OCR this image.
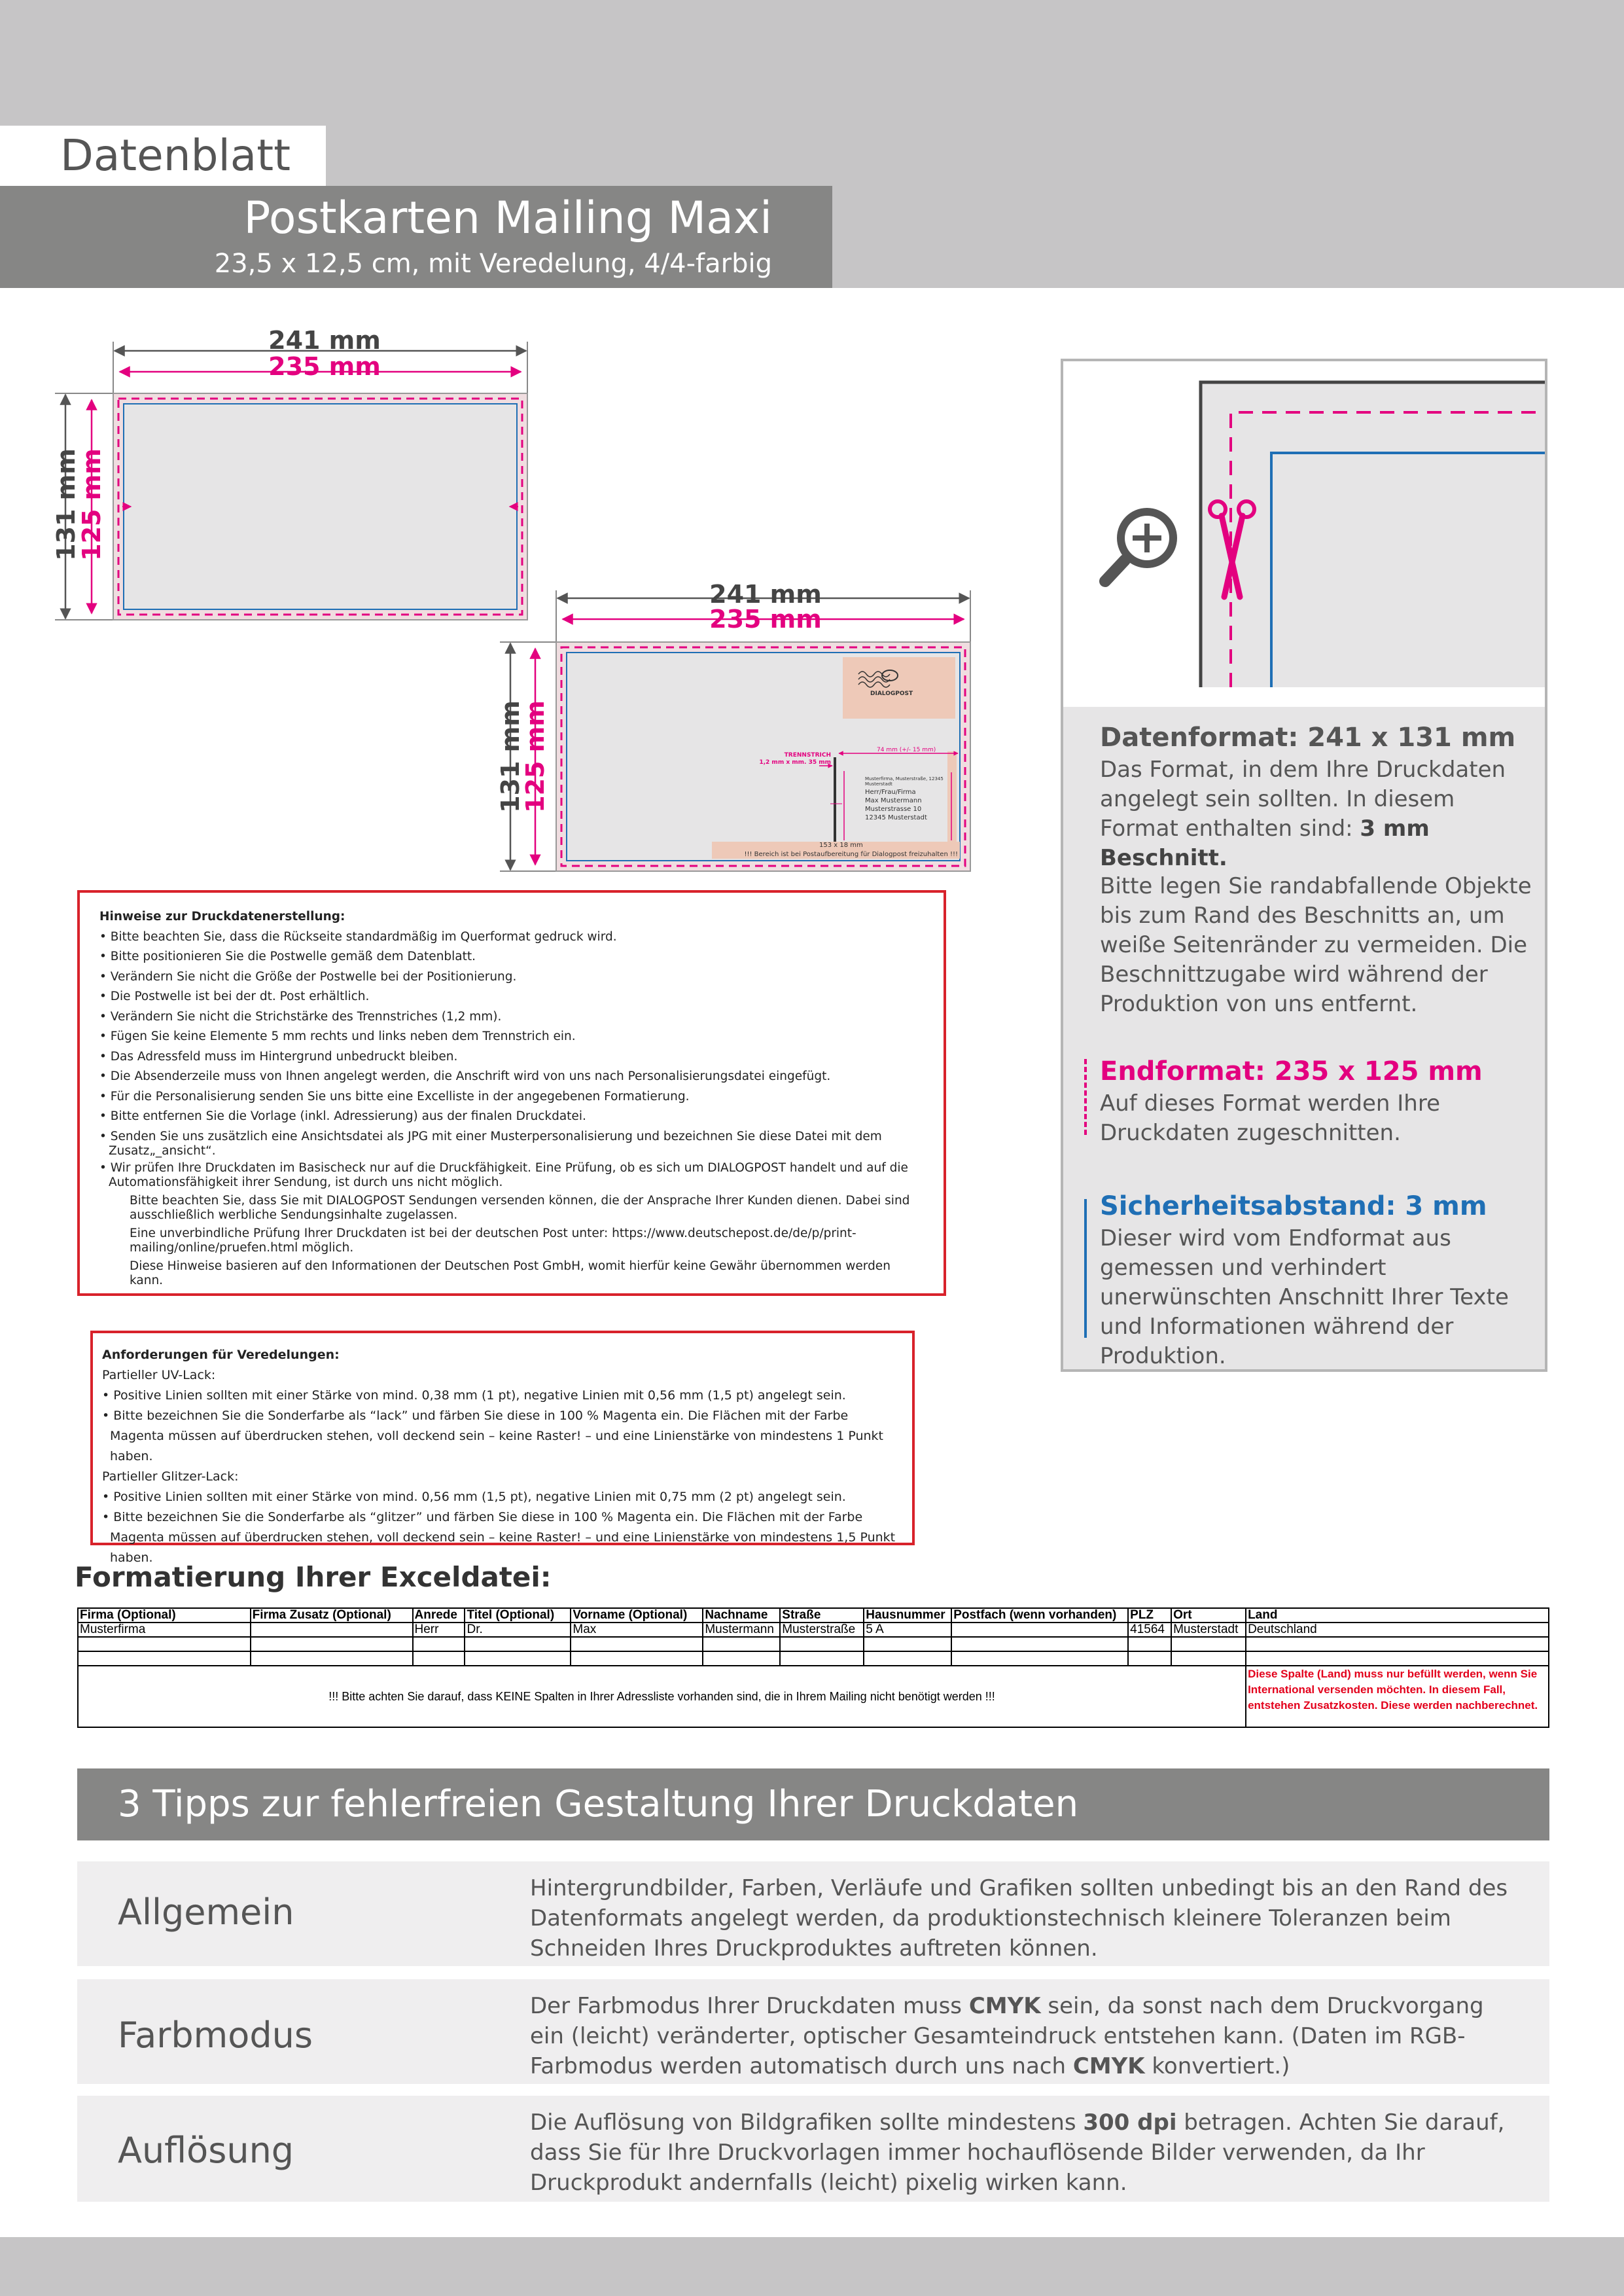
Datenblatt
Postkarten Mailing Maxi
23,5 x 12,5 cm, mit Veredelung, 4/4-farbig
241 mm
235 mm
131 mm
125 mm
241 mm
235 mm
131 mm
125 mm
DIALOGPOST
TRENNSTRICH
1,2 mm x mm. 35 mm
74 mm (+/- 15 mm)
Musterfirma, Musterstraße, 12345 Musterstadt
Herr/Frau/Firma
Max Mustermann
Musterstrasse 10
12345 Musterstadt
153 x 18 mm
!!! Bereich ist bei Postaufbereitung für Dialogpost freizuhalten !!!
Hinweise zur Druckdatenerstellung:
• Bitte beachten Sie, dass die Rückseite standardmäßig im Querformat gedruck wird.
• Bitte positionieren Sie die Postwelle gemäß dem Datenblatt.
• Verändern Sie nicht die Größe der Postwelle bei der Positionierung.
• Die Postwelle ist bei der dt. Post erhältlich.
• Verändern Sie nicht die Strichstärke des Trennstriches (1,2 mm).
• Fügen Sie keine Elemente 5 mm rechts und links neben dem Trennstrich ein.
• Das Adressfeld muss im Hintergrund unbedruckt bleiben.
• Die Absenderzeile muss von Ihnen angelegt werden, die Anschrift wird von uns nach Personalisierungsdatei eingefügt.
• Für die Personalisierung senden Sie uns bitte eine Excelliste in der angegebenen Formatierung.
• Bitte entfernen Sie die Vorlage (inkl. Adressierung) aus der finalen Druckdatei.
• Senden Sie uns zusätzlich eine Ansichtsdatei als JPG mit einer Musterpersonalisierung und bezeichnen Sie diese Datei mit dem Zusatz„_ansicht“.
• Wir prüfen Ihre Druckdaten im Basischeck nur auf die Druckfähigkeit. Eine Prüfung, ob es sich um DIALOGPOST handelt und auf die Automationsfähigkeit ihrer Sendung, ist durch uns nicht möglich.
Bitte beachten Sie, dass Sie mit DIALOGPOST Sendungen versenden können, die der Ansprache Ihrer Kunden dienen. Dabei sind ausschließlich werbliche Sendungsinhalte zugelassen.
Eine unverbindliche Prüfung Ihrer Druckdaten ist bei der deutschen Post unter: https://www.deutschepost.de/de/p/print-mailing/online/pruefen.html möglich.
Diese Hinweise basieren auf den Informationen der Deutschen Post GmbH, womit hierfür keine Gewähr übernommen werden kann.
Anforderungen für Veredelungen:
Partieller UV-Lack:
• Positive Linien sollten mit einer Stärke von mind. 0,38 mm (1 pt), negative Linien mit 0,56 mm (1,5 pt) angelegt sein.
• Bitte bezeichnen Sie die Sonderfarbe als “lack” und färben Sie diese in 100 % Magenta ein. Die Flächen mit der Farbe Magenta müssen auf überdrucken stehen, voll deckend sein – keine Raster! – und eine Linienstärke von mindestens 1 Punkt haben.
Partieller Glitzer-Lack:
• Positive Linien sollten mit einer Stärke von mind. 0,56 mm (1,5 pt), negative Linien mit 0,75 mm (2 pt) angelegt sein.
• Bitte bezeichnen Sie die Sonderfarbe als “glitzer” und färben Sie diese in 100 % Magenta ein. Die Flächen mit der Farbe Magenta müssen auf überdrucken stehen, voll deckend sein – keine Raster! – und eine Linienstärke von mindestens 1,5 Punkt haben.
Datenformat: 241 x 131 mm
Das Format, in dem Ihre Druckdaten angelegt sein sollten. In diesem Format enthalten sind: 3 mm Beschnitt.
Bitte legen Sie randabfallende Objekte bis zum Rand des Beschnitts an, um weiße Seitenränder zu vermeiden. Die Beschnittzugabe wird während der Produktion von uns entfernt.
Endformat: 235 x 125 mm
Auf dieses Format werden Ihre Druckdaten zugeschnitten.
Sicherheitsabstand: 3 mm
Dieser wird vom Endformat aus gemessen und verhindert unerwünschten Anschnitt Ihrer Texte und Informationen während der Produktion.
Formatierung Ihrer Exceldatei:
Firma (Optional)	Firma Zusatz (Optional)	Anrede	Titel (Optional)	Vorname (Optional)	Nachname	Straße	Hausnummer	Postfach (wenn vorhanden)	PLZ	Ort	Land
Musterfirma		Herr	Dr.	Max	Mustermann	Musterstraße	5 A		41564	Musterstadt	Deutschland

!!! Bitte achten Sie darauf, dass KEINE Spalten in Ihrer Adressliste vorhanden sind, die in Ihrem Mailing nicht benötigt werden !!!											Diese Spalte (Land) muss nur befüllt werden, wenn Sie International versenden möchten. In diesem Fall, entstehen Zusatzkosten. Diese werden nachberechnet.
3 Tipps zur fehlerfreien Gestaltung Ihrer Druckdaten
Allgemein
Hintergrundbilder, Farben, Verläufe und Grafiken sollten unbedingt bis an den Rand des Datenformats angelegt werden, da produktionstechnisch kleinere Toleranzen beim Schneiden Ihres Druckproduktes auftreten können.
Farbmodus
Der Farbmodus Ihrer Druckdaten muss CMYK sein, da sonst nach dem Druckvorgang ein (leicht) veränderter, optischer Gesamteindruck entstehen kann. (Daten im RGB-Farbmodus werden automatisch durch uns nach CMYK konvertiert.)
Auflösung
Die Auflösung von Bildgrafiken sollte mindestens 300 dpi betragen. Achten Sie darauf, dass Sie für Ihre Druckvorlagen immer hochauflösende Bilder verwenden, da Ihr Druckprodukt andernfalls (leicht) pixelig wirken kann.
